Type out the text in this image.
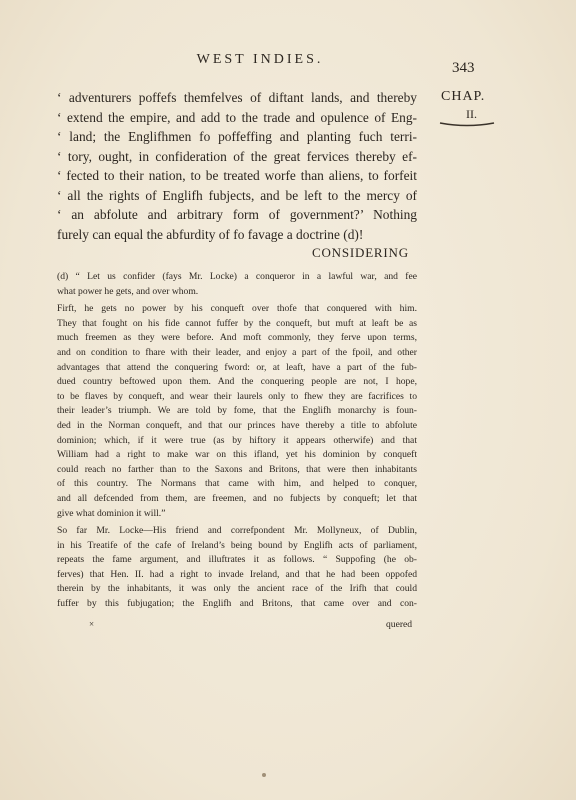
WEST INDIES.
343
CHAP.
II.
‘ adventurers poffefs themfelves of diftant lands, and thereby
‘ extend the empire, and add to the trade and opulence of Eng-
‘ land; the Englifhmen fo poffeffing and planting fuch terri-
‘ tory, ought, in confideration of the great fervices thereby ef-
‘ fected to their nation, to be treated worfe than aliens, to forfeit
‘ all the rights of Englifh fubjects, and be left to the mercy of
‘ an abfolute and arbitrary form of government?’ Nothing
furely can equal the abfurdity of fo favage a doctrine (d)!
CONSIDERING
(d) “ Let us confider (fays Mr. Locke) a conqueror in a lawful war, and fee
what power he gets, and over whom.
Firft, he gets no power by his conqueft over thofe that conquered with him.
They that fought on his fide cannot fuffer by the conqueft, but muft at leaft be as
much freemen as they were before. And moft commonly, they ferve upon terms,
and on condition to fhare with their leader, and enjoy a part of the fpoil, and other
advantages that attend the conquering fword: or, at leaft, have a part of the fub-
dued country beftowed upon them. And the conquering people are not, I hope,
to be flaves by conqueft, and wear their laurels only to fhew they are facrifices to
their leader’s triumph. We are told by fome, that the Englifh monarchy is foun-
ded in the Norman conqueft, and that our princes have thereby a title to abfolute
dominion; which, if it were true (as by hiftory it appears otherwife) and that
William had a right to make war on this ifland, yet his dominion by conqueft
could reach no farther than to the Saxons and Britons, that were then inhabitants
of this country. The Normans that came with him, and helped to conquer,
and all defcended from them, are freemen, and no fubjects by conqueft; let that
give what dominion it will.”
So far Mr. Locke—His friend and correfpondent Mr. Mollyneux, of Dublin,
in his Treatife of the cafe of Ireland’s being bound by Englifh acts of parliament,
repeats the fame argument, and illuftrates it as follows. “ Suppofing (he ob-
ferves) that Hen. II. had a right to invade Ireland, and that he had been oppofed
therein by the inhabitants, it was only the ancient race of the Irifh that could
fuffer by this fubjugation; the Englifh and Britons, that came over and con-
×	quered
